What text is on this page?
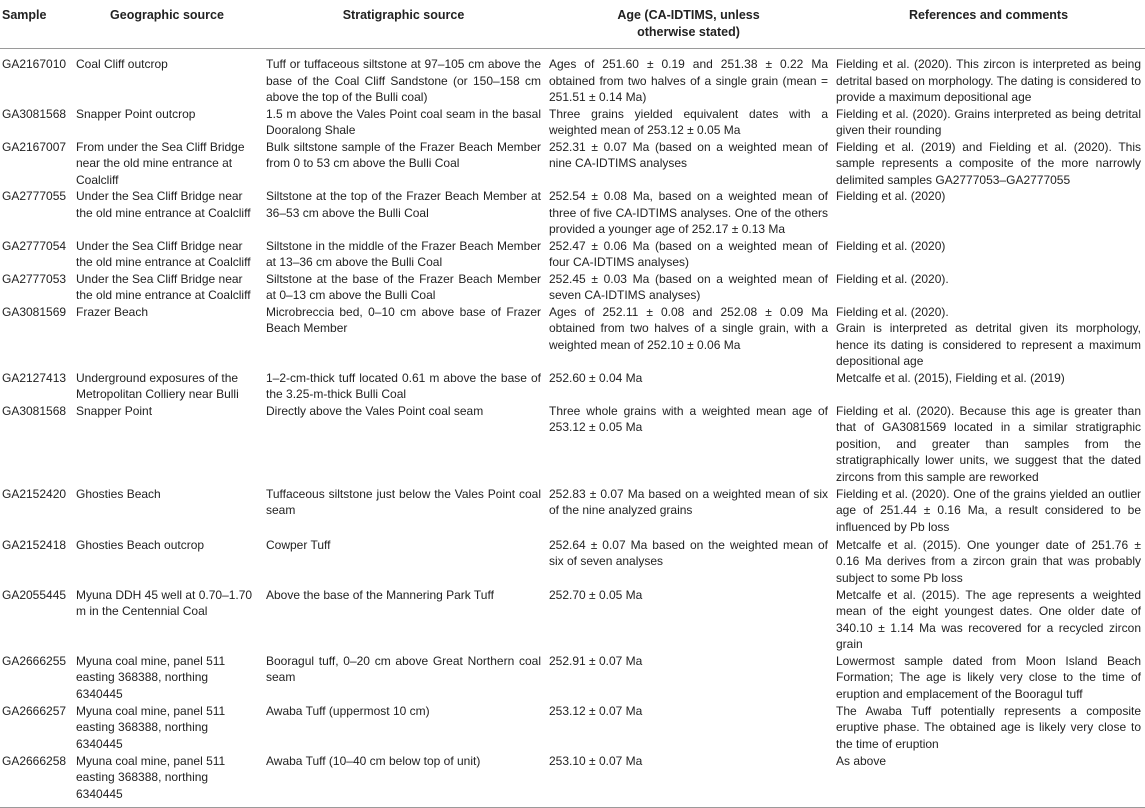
Sample	Geographic source	Stratigraphic source	Age (CA-IDTIMS, unless
otherwise stated)	References and comments
GA2167010	Coal Cliff outcrop	Tuff or tuffaceous siltstone at 97–105 cm above the base of the Coal Cliff Sandstone (or 150–158 cm above the top of the Bulli coal)	Ages of 251.60 ± 0.19 and 251.38 ± 0.22 Ma obtained from two halves of a single grain (mean = 251.51 ± 0.14 Ma)	Fielding et al. (2020). This zircon is interpreted as being detrital based on morphology. The dating is considered to provide a maximum depositional age
GA3081568	Snapper Point outcrop	1.5 m above the Vales Point coal seam in the basal Dooralong Shale	Three grains yielded equivalent dates with a weighted mean of 253.12 ± 0.05 Ma	Fielding et al. (2020). Grains interpreted as being detrital given their rounding
GA2167007	From under the Sea Cliff Bridge near the old mine entrance at Coalcliff	Bulk siltstone sample of the Frazer Beach Member from 0 to 53 cm above the Bulli Coal	252.31 ± 0.07 Ma (based on a weighted mean of nine CA-IDTIMS analyses	Fielding et al. (2019) and Fielding et al. (2020). This sample represents a composite of the more narrowly delimited samples GA2777053–GA2777055
GA2777055	Under the Sea Cliff Bridge near the old mine entrance at Coalcliff	Siltstone at the top of the Frazer Beach Member at 36–53 cm above the Bulli Coal	252.54 ± 0.08 Ma, based on a weighted mean of three of five CA-IDTIMS analyses. One of the others provided a younger age of 252.17 ± 0.13 Ma	Fielding et al. (2020)
GA2777054	Under the Sea Cliff Bridge near the old mine entrance at Coalcliff	Siltstone in the middle of the Frazer Beach Member at 13–36 cm above the Bulli Coal	252.47 ± 0.06 Ma (based on a weighted mean of four CA-IDTIMS analyses)	Fielding et al. (2020)
GA2777053	Under the Sea Cliff Bridge near the old mine entrance at Coalcliff	Siltstone at the base of the Frazer Beach Member at 0–13 cm above the Bulli Coal	252.45 ± 0.03 Ma (based on a weighted mean of seven CA-IDTIMS analyses)	Fielding et al. (2020).
GA3081569	Frazer Beach	Microbreccia bed, 0–10 cm above base of Frazer Beach Member	Ages of 252.11 ± 0.08 and 252.08 ± 0.09 Ma obtained from two halves of a single grain, with a weighted mean of 252.10 ± 0.06 Ma	Fielding et al. (2020).
Grain is interpreted as detrital given its morphology, hence its dating is considered to represent a maximum depositional age

GA2127413	Underground exposures of the Metropolitan Colliery near Bulli	1–2-cm-thick tuff located 0.61 m above the base of the 3.25-m-thick Bulli Coal	252.60 ± 0.04 Ma	Metcalfe et al. (2015), Fielding et al. (2019)
GA3081568	Snapper Point	Directly above the Vales Point coal seam	Three whole grains with a weighted mean age of 253.12 ± 0.05 Ma	Fielding et al. (2020). Because this age is greater than that of GA3081569 located in a similar stratigraphic position, and greater than samples from the stratigraphically lower units, we suggest that the dated zircons from this sample are reworked
GA2152420	Ghosties Beach	Tuffaceous siltstone just below the Vales Point coal seam	252.83 ± 0.07 Ma based on a weighted mean of six of the nine analyzed grains	Fielding et al. (2020). One of the grains yielded an outlier age of 251.44 ± 0.16 Ma, a result considered to be influenced by Pb loss
GA2152418	Ghosties Beach outcrop	Cowper Tuff	252.64 ± 0.07 Ma based on the weighted mean of six of seven analyses	Metcalfe et al. (2015). One younger date of 251.76 ± 0.16 Ma derives from a zircon grain that was probably subject to some Pb loss
GA2055445	Myuna DDH 45 well at 0.70–1.70 m in the Centennial Coal	Above the base of the Mannering Park Tuff	252.70 ± 0.05 Ma	Metcalfe et al. (2015). The age represents a weighted mean of the eight youngest dates. One older date of 340.10 ± 1.14 Ma was recovered for a recycled zircon grain
GA2666255	Myuna coal mine, panel 511 easting 368388, northing 6340445	Booragul tuff, 0–20 cm above Great Northern coal seam	252.91 ± 0.07 Ma	Lowermost sample dated from Moon Island Beach Formation; The age is likely very close to the time of eruption and emplacement of the Booragul tuff
GA2666257	Myuna coal mine, panel 511 easting 368388, northing 6340445	Awaba Tuff (uppermost 10 cm)	253.12 ± 0.07 Ma	The Awaba Tuff potentially represents a composite eruptive phase. The obtained age is likely very close to the time of eruption
GA2666258	Myuna coal mine, panel 511 easting 368388, northing 6340445	Awaba Tuff (10–40 cm below top of unit)	253.10 ± 0.07 Ma	As above
